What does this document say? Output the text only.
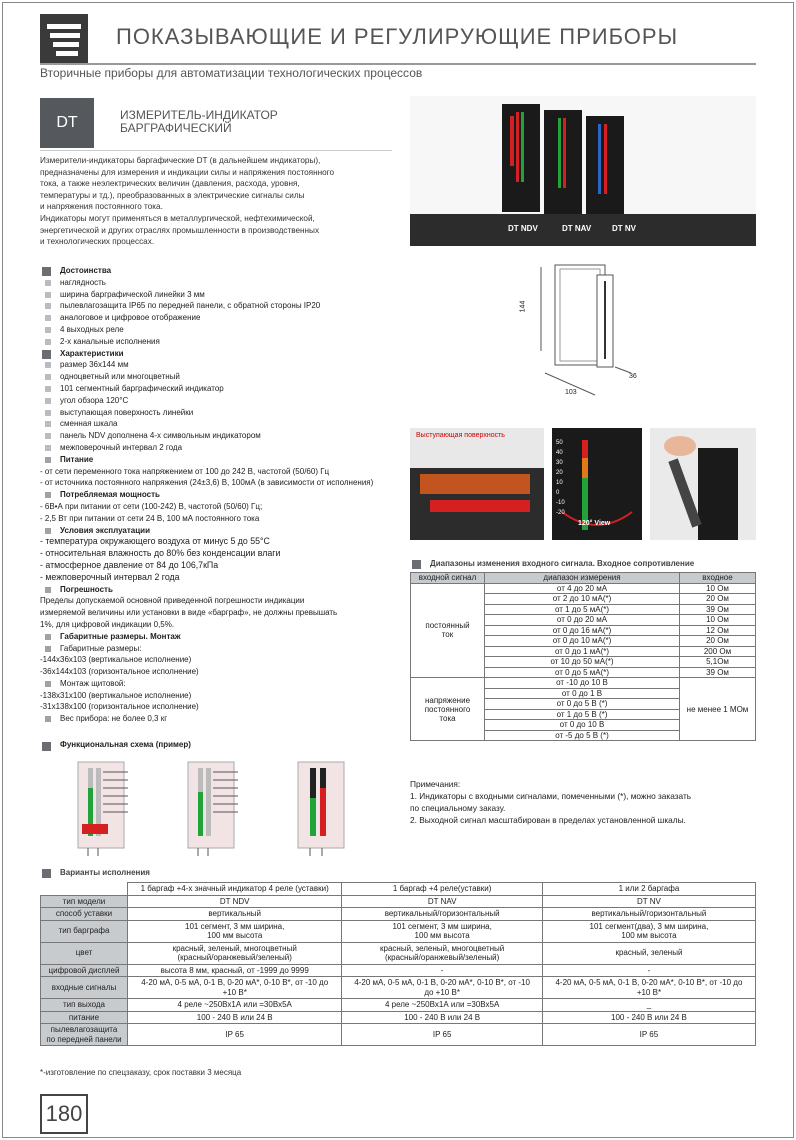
ПОКАЗЫВАЮЩИЕ И РЕГУЛИРУЮЩИЕ ПРИБОРЫ
Вторичные приборы для автоматизации технологических процессов
DT	ИЗМЕРИТЕЛЬ-ИНДИКАТОР
БАРГРАФИЧЕСКИЙ
Измерители-индикаторы баргафические DT (в дальнейшем индикаторы),
предназначены для измерения и индикации силы и напряжения постоянного
тока, а также неэлектрических величин (давления, расхода, уровня,
температуры и тд.), преобразованных в электрические сигналы силы
и напряжения постоянного тока.
Индикаторы могут применяться в металлургической, нефтехимической,
энергетической и других отраслях промышленности в производственных
и технологических процессах.
Достоинства
наглядность
ширина барграфической линейки 3 мм
пылевлагозащита IP65 по передней панели, с обратной стороны IP20
аналоговое и цифровое отображение
4 выходных реле
2-х канальные исполнения
Характеристики
размер 36x144 мм
одноцветный или многоцветный
101 сегментный барграфический индикатор
угол обзора 120°С
выступающая поверхность линейки
сменная шкала
панель NDV дополнена 4-х символьным индикатором
межповерочный интервал 2 года
Питание
- от сети переменного тока напряжением от 100 до 242 В, частотой (50/60) Гц
- от источника постоянного напряжения (24±3,6) В, 100мА (в зависимости от исполнения)
Потребляемая мощность
- 6В•А при питании от сети (100-242) В, частотой (50/60) Гц;
- 2,5 Вт при питании от сети 24 В, 100 мА постоянного тока
Условия эксплуатации
- температура окружающего воздуха от минус 5 до 55°С
- относительная влажность до 80% без конденсации влаги
- атмосферное давление от 84 до 106,7кПа
- межповерочный интервал 2 года
Погрешность
Пределы допускаемой основной приведенной погрешности индикации
измеряемой величины или установки в виде «барграф», не должны превышать
1%, для цифровой индикации 0,5%.
Габаритные размеры. Монтаж
Габаритные размеры:
-144x36x103 (вертикальное исполнение)
-36x144x103 (горизонтальное исполнение)
Монтаж щитовой:
-138x31x100 (вертикальное исполнение)
-31x138x100 (горизонтальное исполнение)
Вес прибора: не более 0,3 кг
Функциональная схема (пример)
DT NDV	DT NAV	DT NV
144
36
103
Выступающая поверхность
50
40
30
20
10
0
-10
-20
120° View
Диапазоны изменения входного сигнала. Входное сопротивление
входной сигнал	диапазон измерения	входное
постоянный
ток	от 4 до 20 мА	10 Ом
	от 2 до 10 мА(*)	20 Ом
	от 1 до 5 мА(*)	39 Ом
	от 0 до 20 мА	10 Ом
	от 0 до 16 мА(*)	12 Ом
	от 0 до 10 мА(*)	20 Ом
	от 0 до 1 мА(*)	200 Ом
	от 10 до 50 мА(*)	5,1Ом
	от 0 до 5 мА(*)	39 Ом
напряжение
постоянного
тока	от -10 до 10 В	не менее 1 МОм
	от 0 до 1 В	
	от 0 до 5 В (*)	
	от 1 до 5 В (*)	
	от 0 до 10 В	
	от -5 до 5 В (*)	
Примечания:
1. Индикаторы с входными сигналами, помеченными (*), можно заказать
по специальному заказу.
2. Выходной сигнал масштабирован в пределах установленной шкалы.
Варианты исполнения
	1 баргаф +4-х значный индикатор 4 реле (уставки)	1 баргаф +4 реле(уставки)	1 или 2 баргафа
тип модели	DT NDV	DT NAV	DT NV
способ уставки	вертикальный	вертикальный/горизонтальный	вертикальный/горизонтальный
тип барграфа	101 сегмент, 3 мм ширина,
100 мм высота	101 сегмент, 3 мм ширина,
100 мм высота	101 сегмент(два), 3 мм ширина,
100 мм высота
цвет	красный, зеленый, многоцветный
(красный/оранжевый/зеленый)	красный, зеленый, многоцветный
(красный/оранжевый/зеленый)	красный, зеленый
цифровой дисплей	высота 8 мм, красный, от -1999 до 9999	-	-
входные сигналы	4-20 мА, 0-5 мА, 0-1 В, 0-20 мА*, 0-10 В*, от -10 до
+10 В*	4-20 мА, 0-5 мА, 0-1 В, 0-20 мА*, 0-10 В*, от -10
до +10 В*	4-20 мА, 0-5 мА, 0-1 В, 0-20 мА*, 0-10 В*, от -10 до
+10 В*
тип выхода	4 реле ~250Вх1А или =30Вх5А	4 реле ~250Вх1А или =30Вх5А	_
питание	100 - 240 В или 24 В	100 - 240 В или 24 В	100 - 240 В или 24 В
пылевлагозащита
по передней панели	IP 65	IP 65	IP 65
*-изготовление по спецзаказу, срок поставки 3 месяца
180
